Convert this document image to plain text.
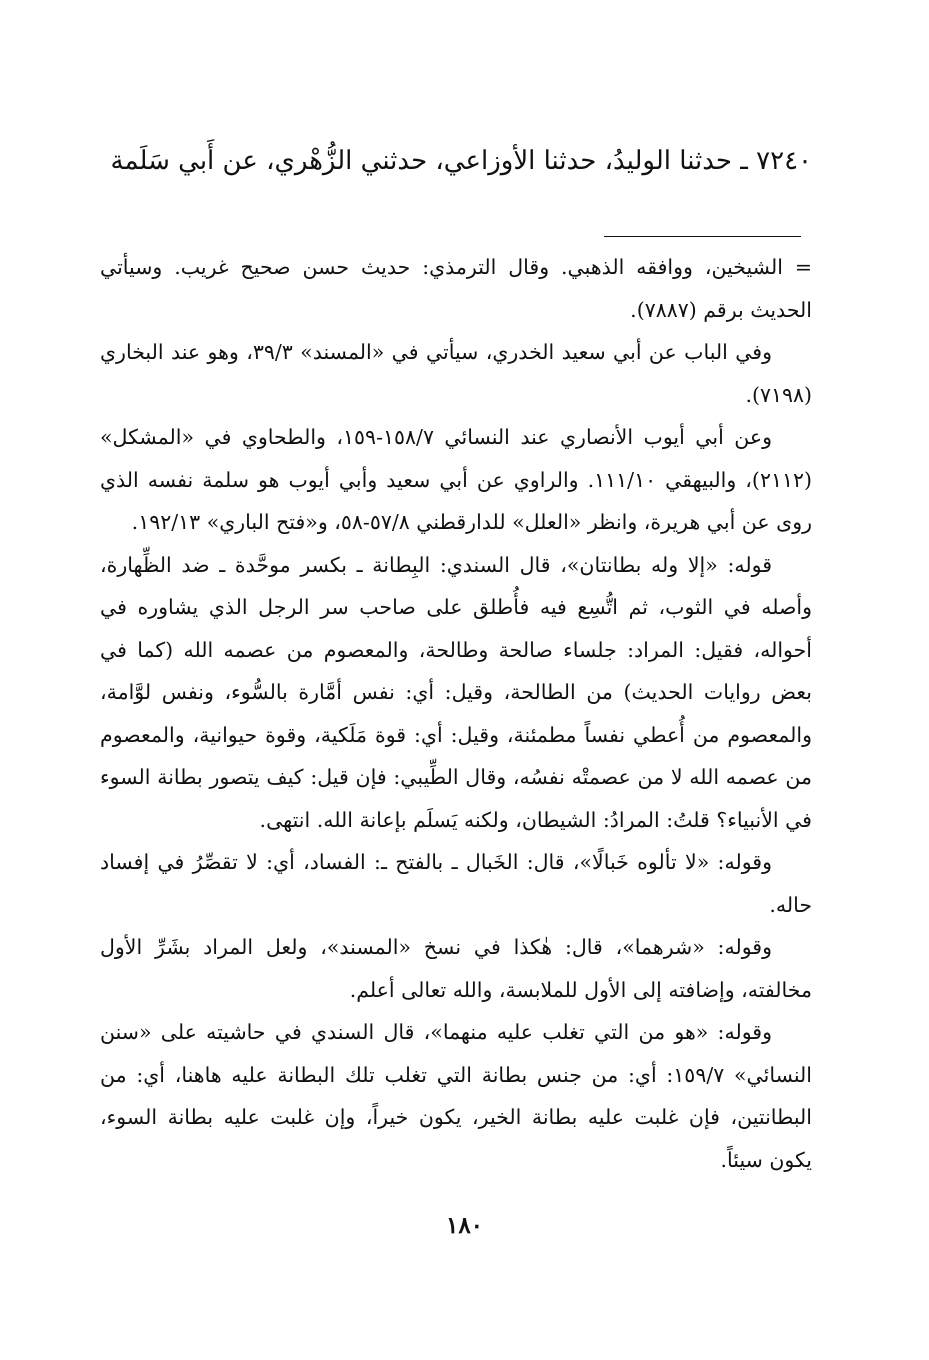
٧٢٤٠ ـ حدثنا الوليدُ، حدثنا الأوزاعي، حدثني الزُّهْري، عن أَبي سَلَمة

= الشيخين، ووافقه الذهبي. وقال الترمذي: حديث حسن صحيح غريب. وسيأتي الحديث برقم (٧٨٨٧).

وفي الباب عن أبي سعيد الخدري، سيأتي في «المسند» ٣٩/٣، وهو عند البخاري (٧١٩٨).

وعن أبي أيوب الأنصاري عند النسائي ١٥٨/٧-١٥٩، والطحاوي في «المشكل» (٢١١٢)، والبيهقي ١١١/١٠. والراوي عن أبي سعيد وأبي أيوب هو سلمة نفسه الذي روى عن أبي هريرة، وانظر «العلل» للدارقطني ٥٧/٨-٥٨، و«فتح الباري» ١٩٢/١٣.

قوله: «إلا وله بطانتان»، قال السندي: البِطانة ـ بكسر موحَّدة ـ ضد الظِّهارة، وأصله في الثوب، ثم اتُّسِع فيه فأُطلق على صاحب سر الرجل الذي يشاوره في أحواله، فقيل: المراد: جلساء صالحة وطالحة، والمعصوم من عصمه الله (كما في بعض روايات الحديث) من الطالحة، وقيل: أي: نفس أمَّارة بالسُّوء، ونفس لوَّامة، والمعصوم من أُعطي نفساً مطمئنة، وقيل: أي: قوة مَلَكية، وقوة حيوانية، والمعصوم من عصمه الله لا من عصمتْه نفسُه، وقال الطِّيبي: فإن قيل: كيف يتصور بطانة السوء في الأنبياء؟ قلتُ: المرادُ: الشيطان، ولكنه يَسلَم بإعانة الله. انتهى.

وقوله: «لا تألوه خَبالًا»، قال: الخَبال ـ بالفتح ـ: الفساد، أي: لا تقصِّرُ في إفساد حاله.

وقوله: «شرهما»، قال: هٰكذا في نسخ «المسند»، ولعل المراد بشَرِّ الأول مخالفته، وإضافته إلى الأول للملابسة، والله تعالى أعلم.

وقوله: «هو من التي تغلب عليه منهما»، قال السندي في حاشيته على «سنن النسائي» ١٥٩/٧: أي: من جنس بطانة التي تغلب تلك البطانة عليه هاهنا، أي: من البطانتين، فإن غلبت عليه بطانة الخير، يكون خيراً، وإن غلبت عليه بطانة السوء، يكون سيئاً.

١٨٠
